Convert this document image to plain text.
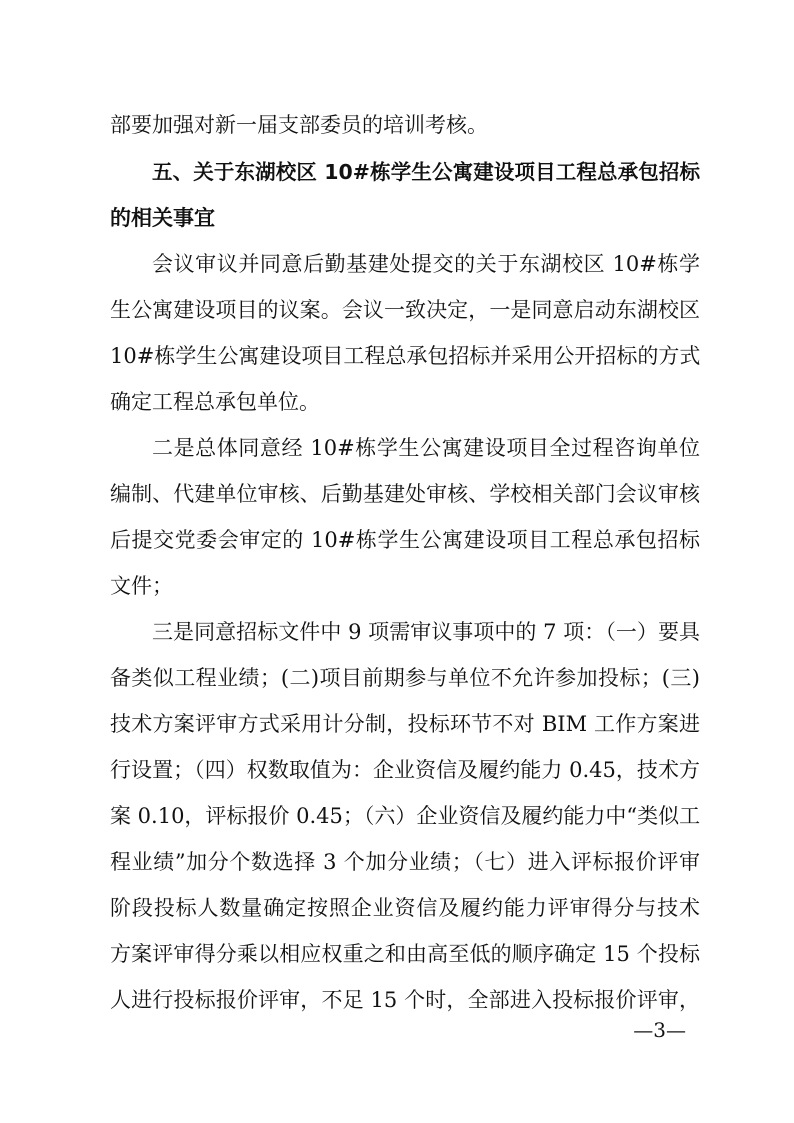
部要加强对新一届支部委员的培训考核。
五、关于东湖校区 10#栋学生公寓建设项目工程总承包招标
的相关事宜
会议审议并同意后勤基建处提交的关于东湖校区 10#栋学
生公寓建设项目的议案。会议一致决定，一是同意启动东湖校区
10#栋学生公寓建设项目工程总承包招标并采用公开招标的方式
确定工程总承包单位。
二是总体同意经 10#栋学生公寓建设项目全过程咨询单位
编制、代建单位审核、后勤基建处审核、学校相关部门会议审核
后提交党委会审定的 10#栋学生公寓建设项目工程总承包招标
文件；
三是同意招标文件中 9 项需审议事项中的 7 项：（一）要具
备类似工程业绩；(二)项目前期参与单位不允许参加投标；(三)
技术方案评审方式采用计分制，投标环节不对 BIM 工作方案进
行设置；（四）权数取值为：企业资信及履约能力 0.45，技术方
案 0.10，评标报价 0.45；（六）企业资信及履约能力中“类似工
程业绩”加分个数选择 3 个加分业绩；（七）进入评标报价评审
阶段投标人数量确定按照企业资信及履约能力评审得分与技术
方案评审得分乘以相应权重之和由高至低的顺序确定 15 个投标
人进行投标报价评审，不足 15 个时，全部进入投标报价评审，
—3—
